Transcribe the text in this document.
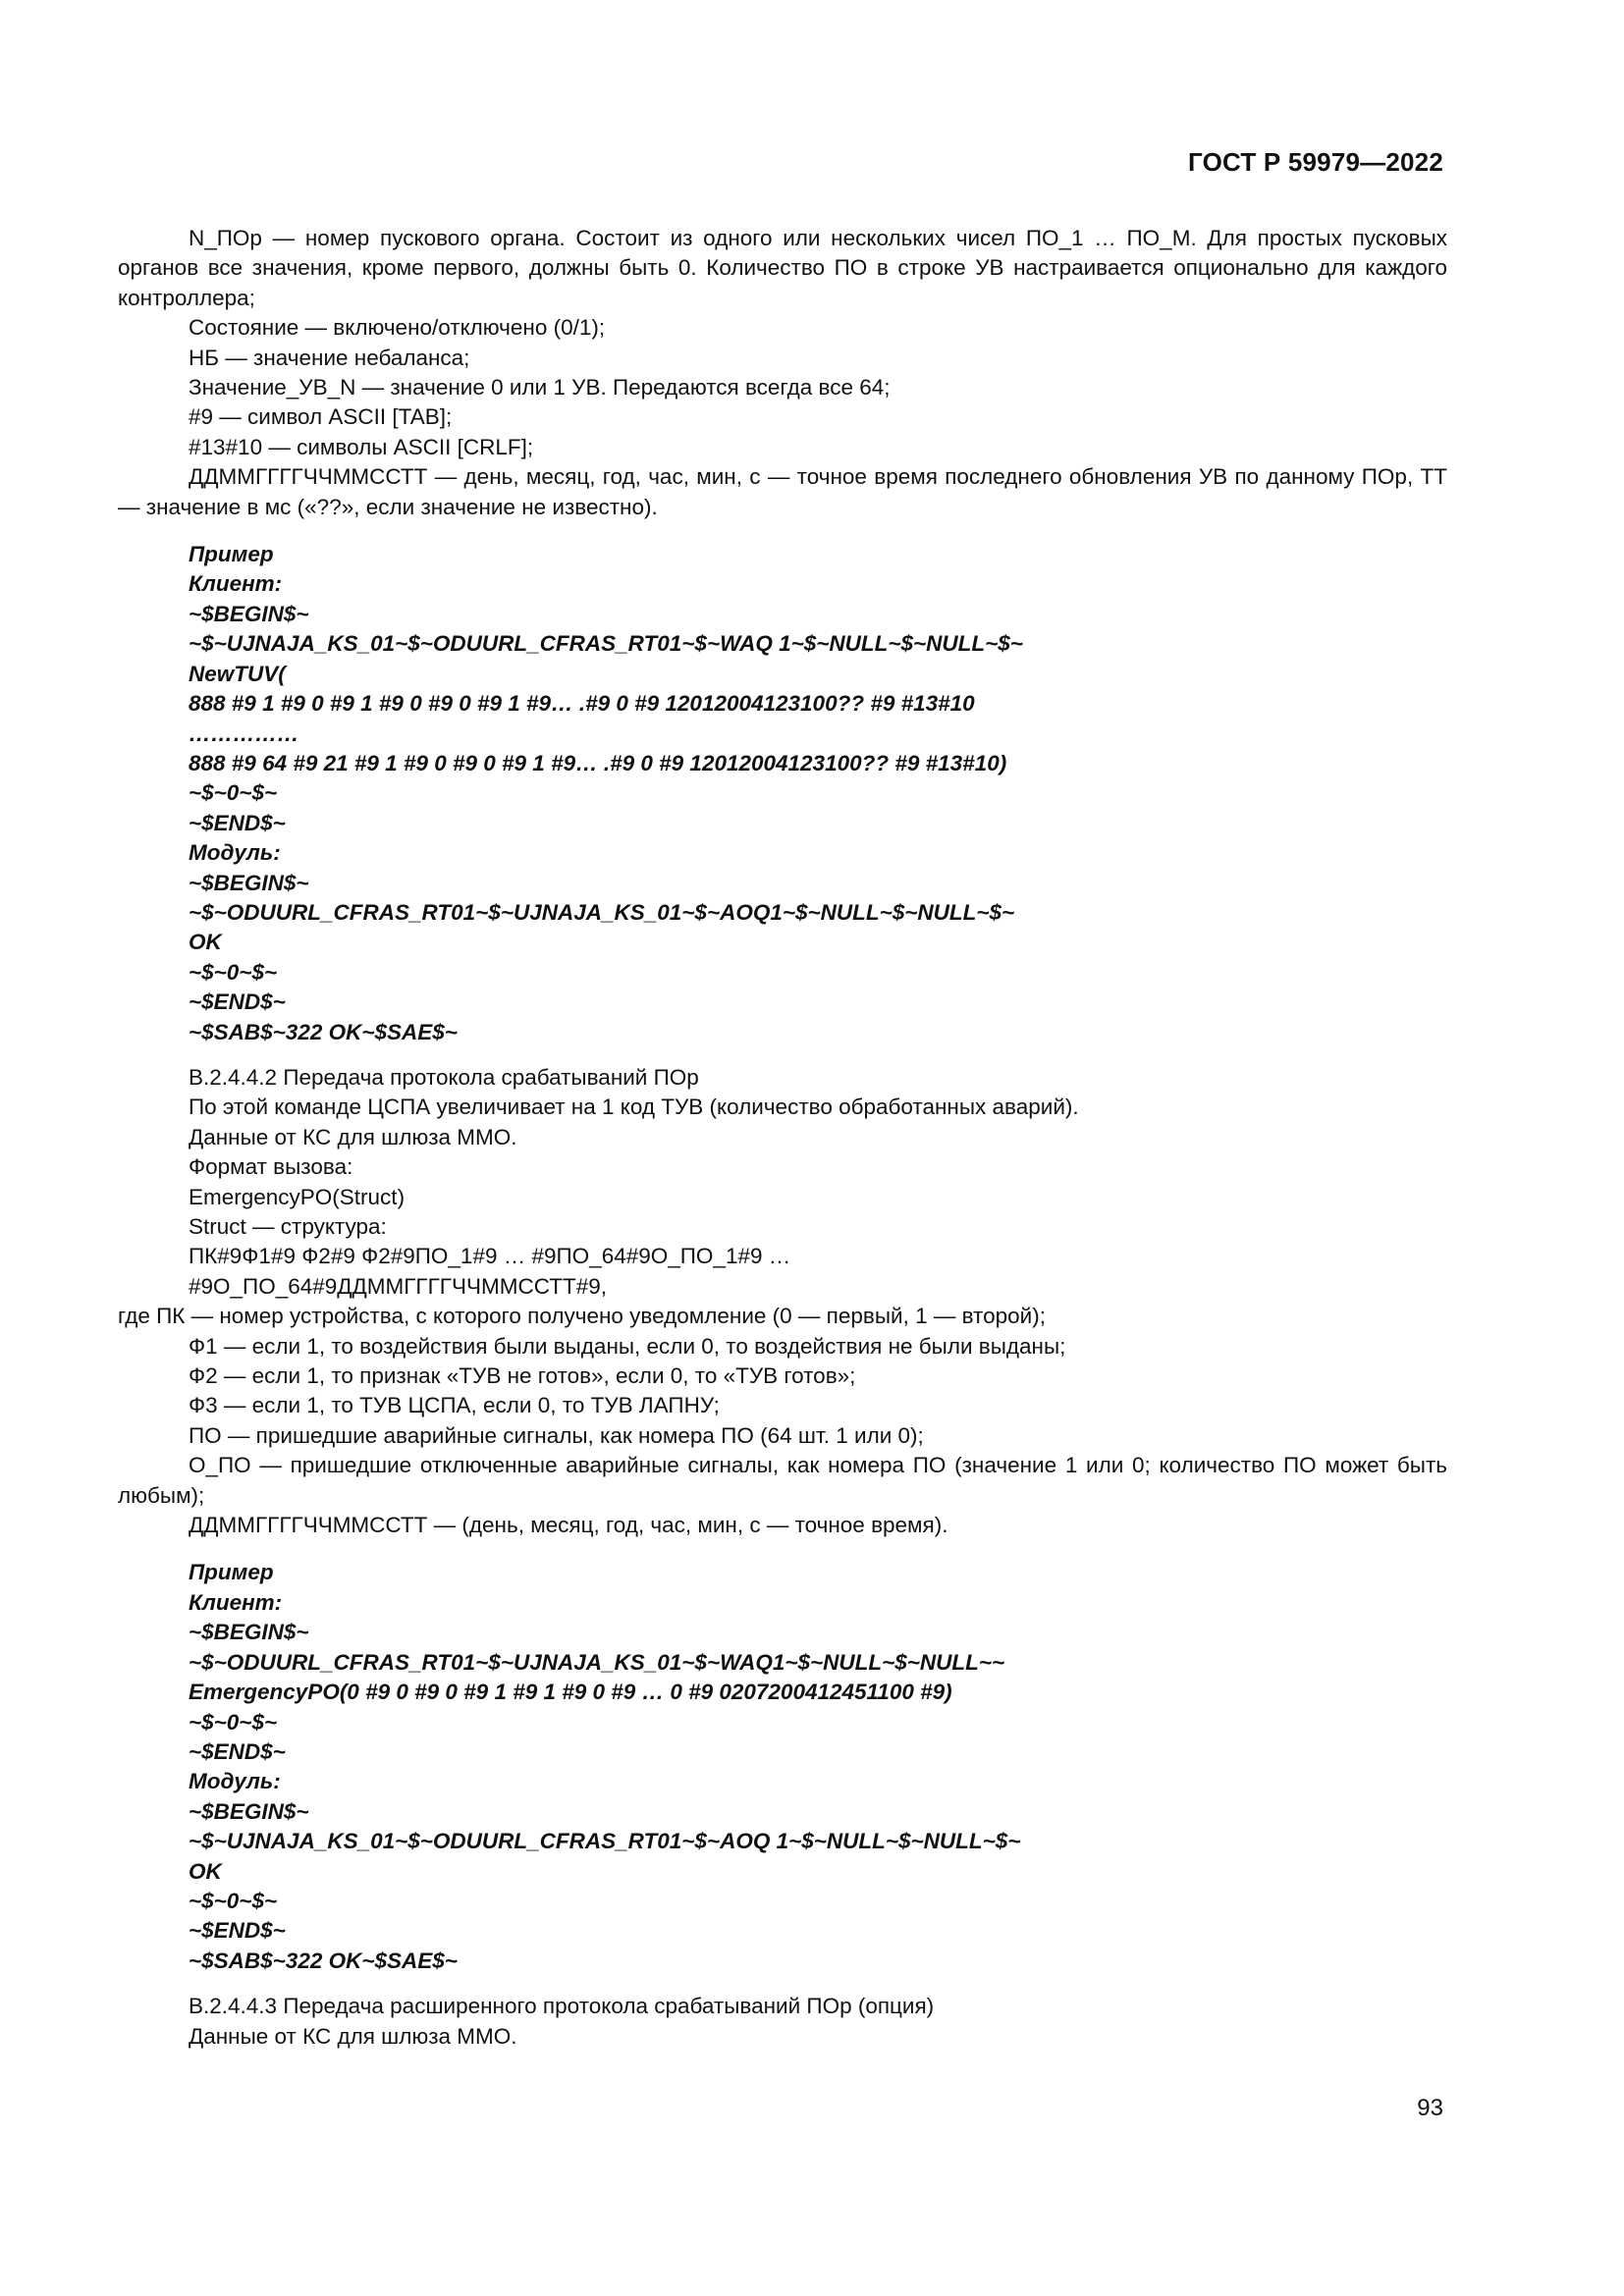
ГОСТ Р 59979—2022

N_ПОр — номер пускового органа. Состоит из одного или нескольких чисел ПО_1 … ПО_M. Для простых пусковых органов все значения, кроме первого, должны быть 0. Количество ПО в строке УВ настраивается опционально для каждого контроллера;

Состояние — включено/отключено (0/1);

НБ — значение небаланса;

Значение_УВ_N — значение 0 или 1 УВ. Передаются всегда все 64;

#9 — символ ASCII [TAB];

#13#10 — символы ASCII [CRLF];

ДДММГГГГЧЧММССТТ — день, месяц, год, час, мин, с — точное время последнего обновления УВ по данному ПОр, ТТ — значение в мс («??», если значение не известно).

Пример

Клиент:

~$BEGIN$~

~$~UJNAJA_KS_01~$~ODUURL_CFRAS_RT01~$~WAQ 1~$~NULL~$~NULL~$~

NewTUV(

888 #9 1 #9 0 #9 1 #9 0 #9 0 #9 1 #9… .#9 0 #9 12012004123100?? #9 #13#10

……………

888 #9 64 #9 21 #9 1 #9 0 #9 0 #9 1 #9… .#9 0 #9 12012004123100?? #9 #13#10)

~$~0~$~

~$END$~

Модуль:

~$BEGIN$~

~$~ODUURL_CFRAS_RT01~$~UJNAJA_KS_01~$~AOQ1~$~NULL~$~NULL~$~

OK

~$~0~$~

~$END$~

~$SAB$~322 OK~$SAE$~

В.2.4.4.2 Передача протокола срабатываний ПОр

По этой команде ЦСПА увеличивает на 1 код ТУВ (количество обработанных аварий).

Данные от КС для шлюза ММО.

Формат вызова:

EmergencyPO(Struct)

Struct — структура:

ПК#9Ф1#9 Ф2#9 Ф2#9ПО_1#9 … #9ПО_64#9О_ПО_1#9 …

#9О_ПО_64#9ДДММГГГГЧЧММССТТ#9,

где ПК — номер устройства, с которого получено уведомление (0 — первый, 1 — второй);

Ф1 — если 1, то воздействия были выданы, если 0, то воздействия не были выданы;

Ф2 — если 1, то признак «ТУВ не готов», если 0, то «ТУВ готов»;

Ф3 — если 1, то ТУВ ЦСПА, если 0, то ТУВ ЛАПНУ;

ПО — пришедшие аварийные сигналы, как номера ПО (64 шт. 1 или 0);

О_ПО — пришедшие отключенные аварийные сигналы, как номера ПО (значение 1 или 0; количество ПО может быть любым);

ДДММГГГГЧЧММССТТ — (день, месяц, год, час, мин, с — точное время).

Пример

Клиент:

~$BEGIN$~

~$~ODUURL_CFRAS_RT01~$~UJNAJA_KS_01~$~WAQ1~$~NULL~$~NULL~~

EmergencyPO(0 #9 0 #9 0 #9 1 #9 1 #9 0 #9 … 0 #9 0207200412451100 #9)

~$~0~$~

~$END$~

Модуль:

~$BEGIN$~

~$~UJNAJA_KS_01~$~ODUURL_CFRAS_RT01~$~AOQ 1~$~NULL~$~NULL~$~

OK

~$~0~$~

~$END$~

~$SAB$~322 OK~$SAE$~

В.2.4.4.3 Передача расширенного протокола срабатываний ПОр (опция)

Данные от КС для шлюза ММО.

93
